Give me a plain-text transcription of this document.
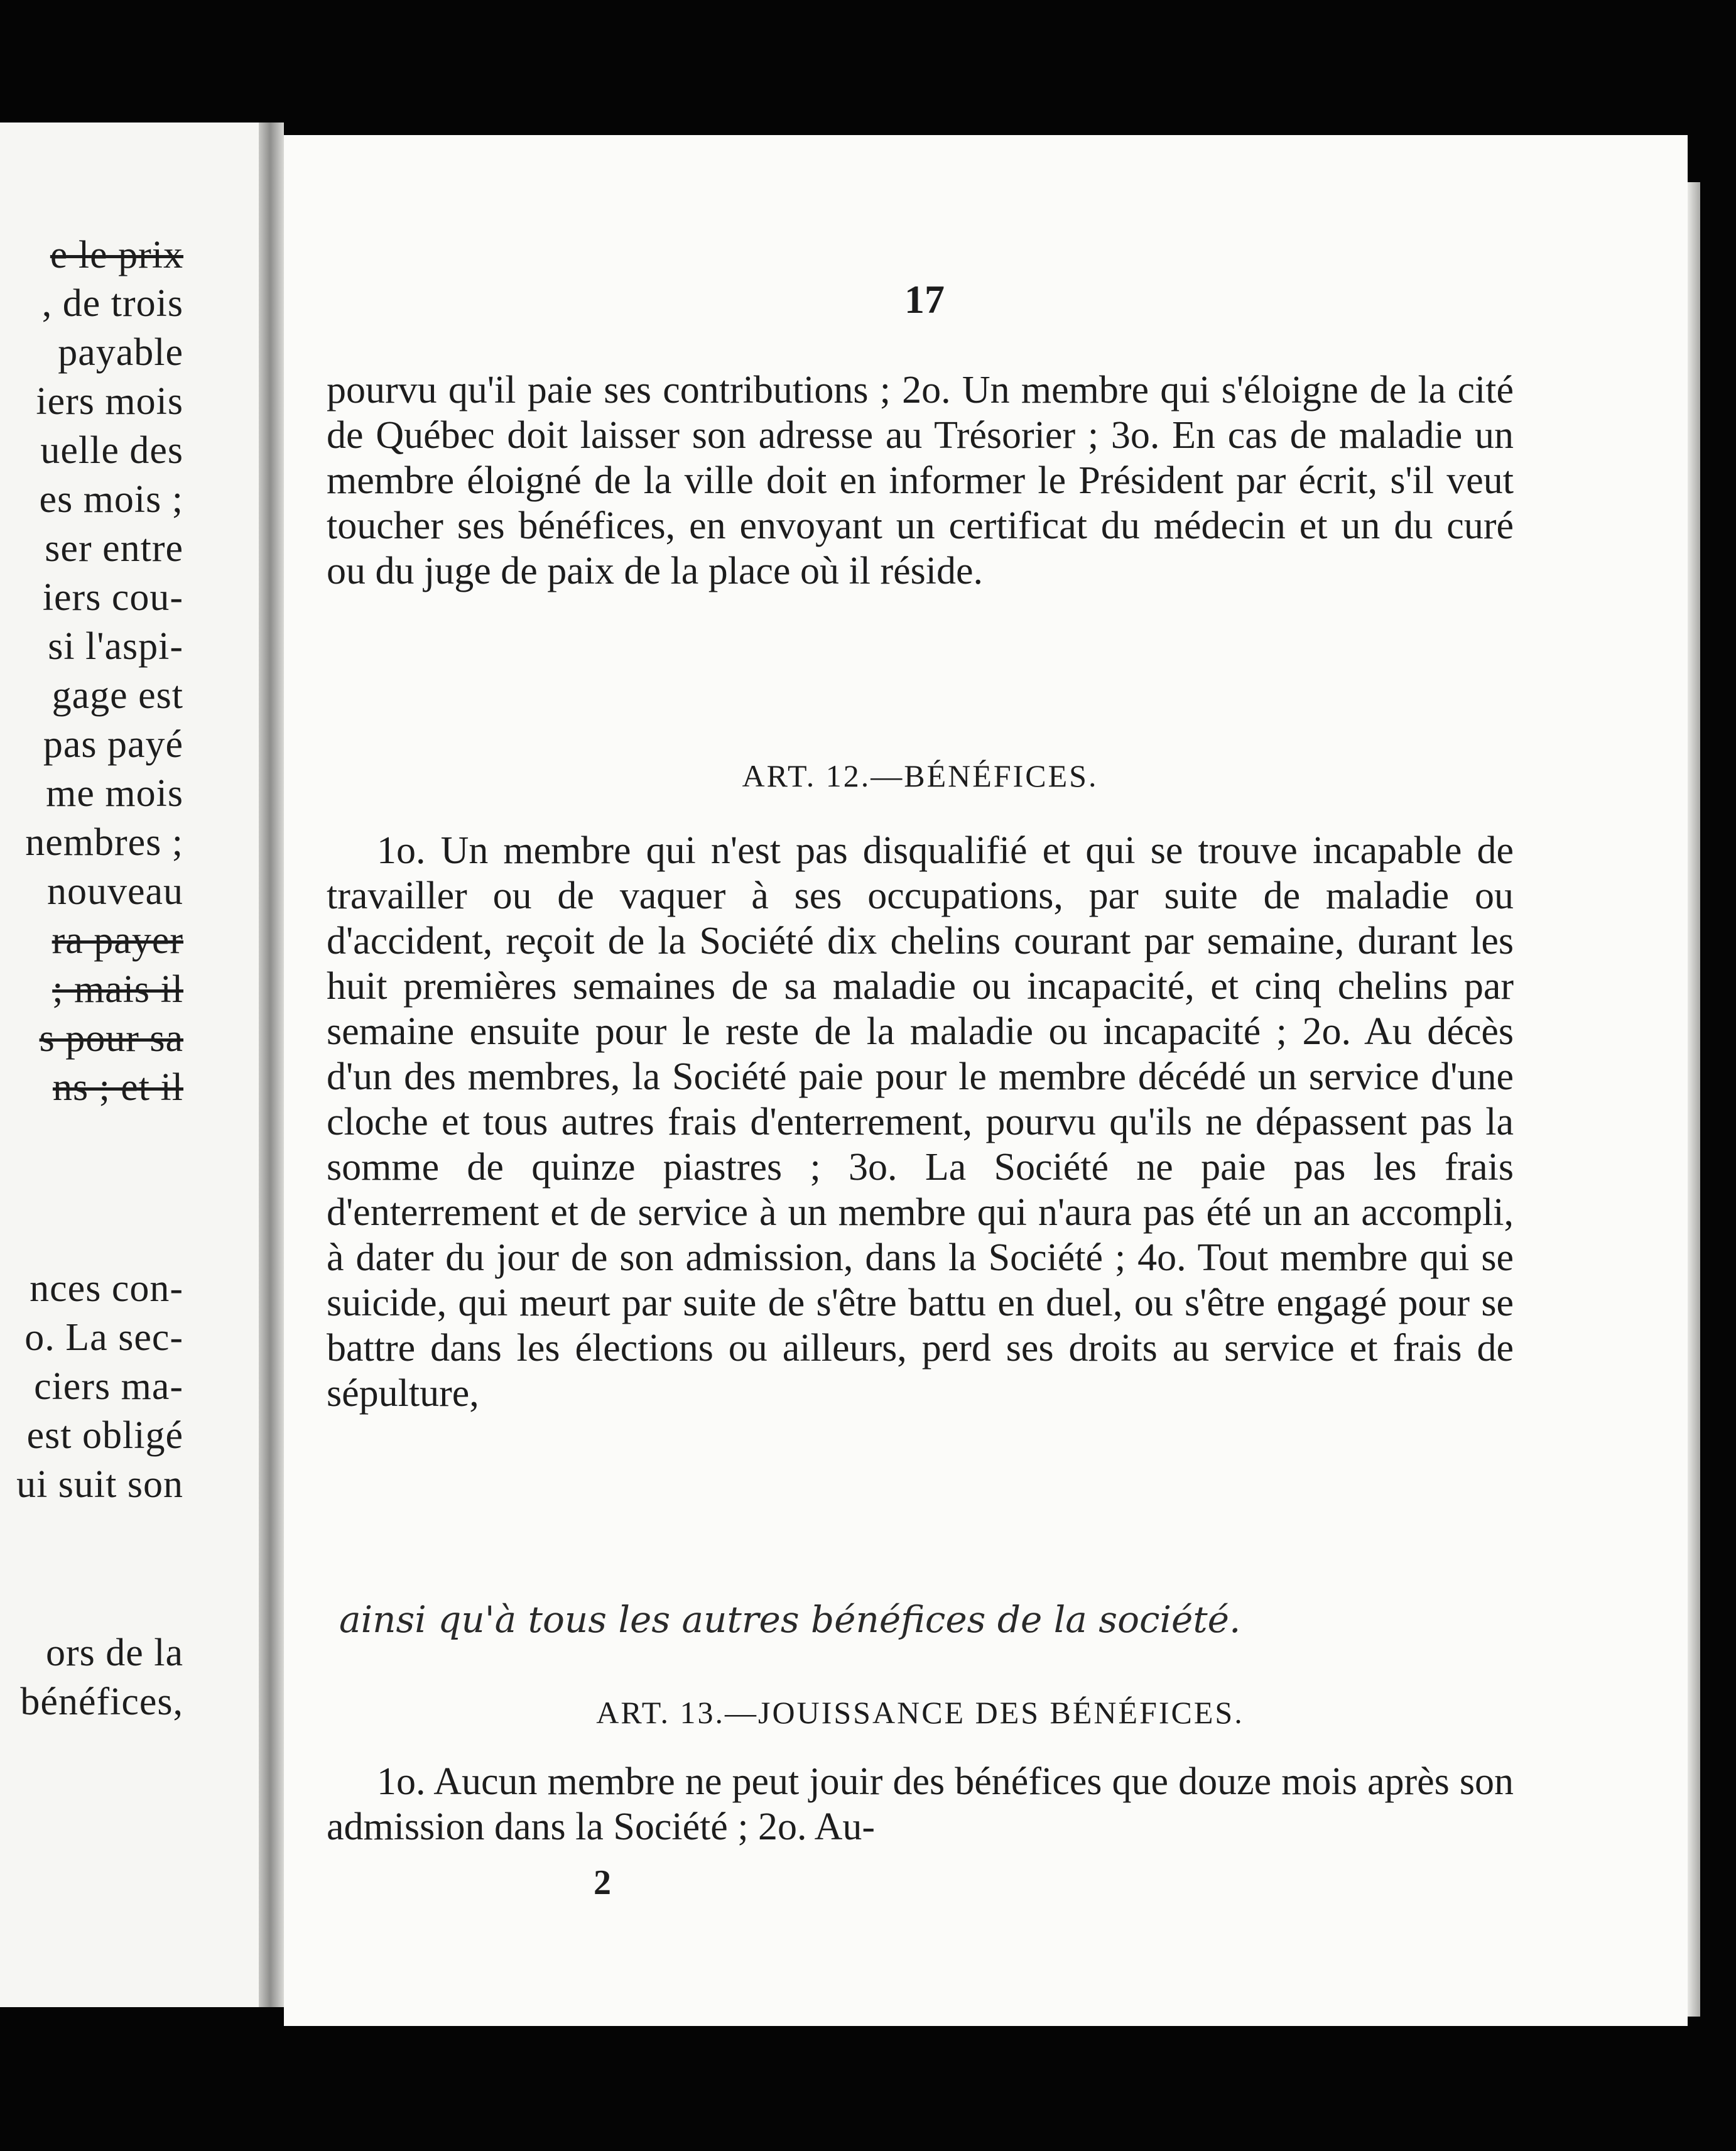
e le prix
, de trois
payable
iers mois
uelle des
es mois ;
ser entre
iers cou-
si l'aspi-
gage est
pas payé
me mois
nembres ;
nouveau
ra payer
; mais il
s pour sa
ns ; et il
nces con-
o. La sec-
ciers ma-
est obligé
ui suit son
ors de la
bénéfices,
17
pourvu qu'il paie ses contributions ; 2o. Un membre qui s'éloigne de la cité de Québec doit laisser son adresse au Trésorier ; 3o. En cas de maladie un membre éloigné de la ville doit en informer le Président par écrit, s'il veut toucher ses bénéfices, en envoyant un certificat du médecin et un du curé ou du juge de paix de la place où il réside.
ART. 12.—BÉNÉFICES.
1o. Un membre qui n'est pas disqualifié et qui se trouve incapable de travailler ou de vaquer à ses occupations, par suite de maladie ou d'accident, reçoit de la Société dix chelins courant par semaine, durant les huit premières semaines de sa maladie ou incapacité, et cinq chelins par semaine ensuite pour le reste de la maladie ou incapacité ; 2o. Au décès d'un des membres, la Société paie pour le membre décédé un service d'une cloche et tous autres frais d'enterrement, pourvu qu'ils ne dépassent pas la somme de quinze piastres ; 3o. La Société ne paie pas les frais d'enterrement et de service à un membre qui n'aura pas été un an accompli, à dater du jour de son admission, dans la Société ; 4o. Tout membre qui se suicide, qui meurt par suite de s'être battu en duel, ou s'être engagé pour se battre dans les élections ou ailleurs, perd ses droits au service et frais de sépulture,
ainsi qu'à tous les autres bénéfices de la société.
ART. 13.—JOUISSANCE DES BÉNÉFICES.
1o. Aucun membre ne peut jouir des bénéfices que douze mois après son admission dans la Société ; 2o. Au-
2
